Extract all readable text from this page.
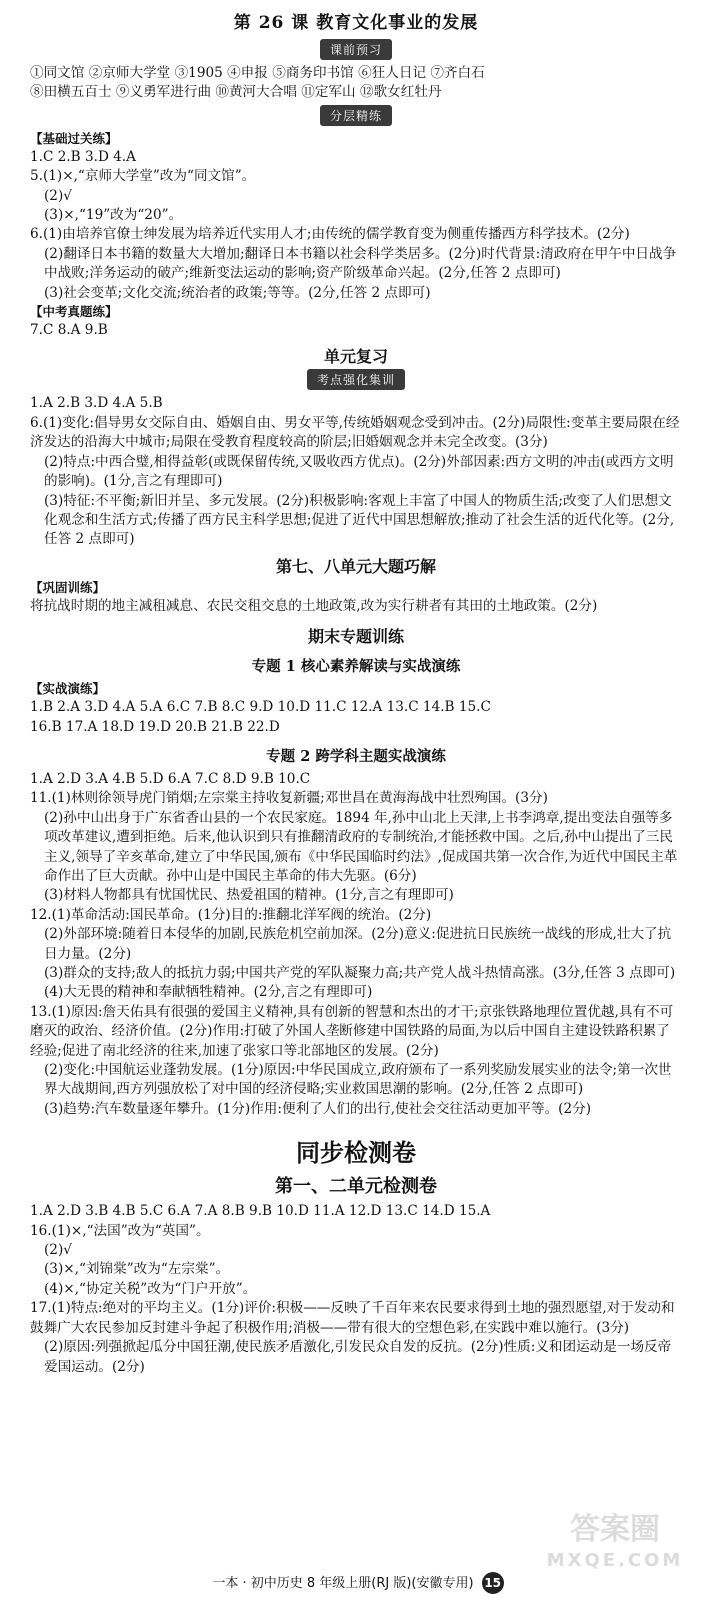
第 26 课 教育文化事业的发展
课前预习
①同文馆 ②京师大学堂 ③1905 ④申报 ⑤商务印书馆 ⑥狂人日记 ⑦齐白石
⑧田横五百士 ⑨义勇军进行曲 ⑩黄河大合唱 ⑪定军山 ⑫歌女红牡丹
分层精练
【基础过关练】
1.C 2.B 3.D 4.A
5.(1)×,“京师大学堂”改为“同文馆”。
(2)√
(3)×,“19”改为“20”。
6.(1)由培养官僚士绅发展为培养近代实用人才;由传统的儒学教育变为侧重传播西方科学技术。(2分)
(2)翻译日本书籍的数量大大增加;翻译日本书籍以社会科学类居多。(2分)时代背景:清政府在甲午中日战争中战败;洋务运动的破产;维新变法运动的影响;资产阶级革命兴起。(2分,任答 2 点即可)
(3)社会变革;文化交流;统治者的政策;等等。(2分,任答 2 点即可)
【中考真题练】
7.C 8.A 9.B
单元复习
考点强化集训
1.A 2.B 3.D 4.A 5.B
6.(1)变化:倡导男女交际自由、婚姻自由、男女平等,传统婚姻观念受到冲击。(2分)局限性:变革主要局限在经济发达的沿海大中城市;局限在受教育程度较高的阶层;旧婚姻观念并未完全改变。(3分)
(2)特点:中西合璧,相得益彰(或既保留传统,又吸收西方优点)。(2分)外部因素:西方文明的冲击(或西方文明的影响)。(1分,言之有理即可)
(3)特征:不平衡;新旧并呈、多元发展。(2分)积极影响:客观上丰富了中国人的物质生活;改变了人们思想文化观念和生活方式;传播了西方民主科学思想;促进了近代中国思想解放;推动了社会生活的近代化等。(2分,任答 2 点即可)
第七、八单元大题巧解
【巩固训练】
将抗战时期的地主减租减息、农民交租交息的土地政策,改为实行耕者有其田的土地政策。(2分)
期末专题训练
专题 1 核心素养解读与实战演练
【实战演练】
1.B 2.A 3.D 4.A 5.A 6.C 7.B 8.C 9.D 10.D 11.C 12.A 13.C 14.B 15.C
16.B 17.A 18.D 19.D 20.B 21.B 22.D
专题 2 跨学科主题实战演练
1.A 2.D 3.A 4.B 5.D 6.A 7.C 8.D 9.B 10.C
11.(1)林则徐领导虎门销烟;左宗棠主持收复新疆;邓世昌在黄海海战中壮烈殉国。(3分)
(2)孙中山出身于广东省香山县的一个农民家庭。1894 年,孙中山北上天津,上书李鸿章,提出变法自强等多项改革建议,遭到拒绝。后来,他认识到只有推翻清政府的专制统治,才能拯救中国。之后,孙中山提出了三民主义,领导了辛亥革命,建立了中华民国,颁布《中华民国临时约法》,促成国共第一次合作,为近代中国民主革命作出了巨大贡献。孙中山是中国民主革命的伟大先驱。(6分)
(3)材料人物都具有忧国忧民、热爱祖国的精神。(1分,言之有理即可)
12.(1)革命活动:国民革命。(1分)目的:推翻北洋军阀的统治。(2分)
(2)外部环境:随着日本侵华的加剧,民族危机空前加深。(2分)意义:促进抗日民族统一战线的形成,壮大了抗日力量。(2分)
(3)群众的支持;敌人的抵抗力弱;中国共产党的军队凝聚力高;共产党人战斗热情高涨。(3分,任答 3 点即可)
(4)大无畏的精神和奉献牺牲精神。(2分,言之有理即可)
13.(1)原因:詹天佑具有很强的爱国主义精神,具有创新的智慧和杰出的才干;京张铁路地理位置优越,具有不可磨灭的政治、经济价值。(2分)作用:打破了外国人垄断修建中国铁路的局面,为以后中国自主建设铁路积累了经验;促进了南北经济的往来,加速了张家口等北部地区的发展。(2分)
(2)变化:中国航运业蓬勃发展。(1分)原因:中华民国成立,政府颁布了一系列奖励发展实业的法令;第一次世界大战期间,西方列强放松了对中国的经济侵略;实业救国思潮的影响。(2分,任答 2 点即可)
(3)趋势:汽车数量逐年攀升。(1分)作用:便利了人们的出行,使社会交往活动更加平等。(2分)
同步检测卷
第一、二单元检测卷
1.A 2.D 3.B 4.B 5.C 6.A 7.A 8.B 9.B 10.D 11.A 12.D 13.C 14.D 15.A
16.(1)×,“法国”改为“英国”。
(2)√
(3)×,“刘锦棠”改为“左宗棠”。
(4)×,“协定关税”改为“门户开放”。
17.(1)特点:绝对的平均主义。(1分)评价:积极——反映了千百年来农民要求得到土地的强烈愿望,对于发动和鼓舞广大农民参加反封建斗争起了积极作用;消极——带有很大的空想色彩,在实践中难以施行。(3分)
(2)原因:列强掀起瓜分中国狂潮,使民族矛盾激化,引发民众自发的反抗。(2分)性质:义和团运动是一场反帝爱国运动。(2分)
一本 · 初中历史 8 年级上册(RJ 版)(安徽专用) 15
答案圈
MXQE.COM
